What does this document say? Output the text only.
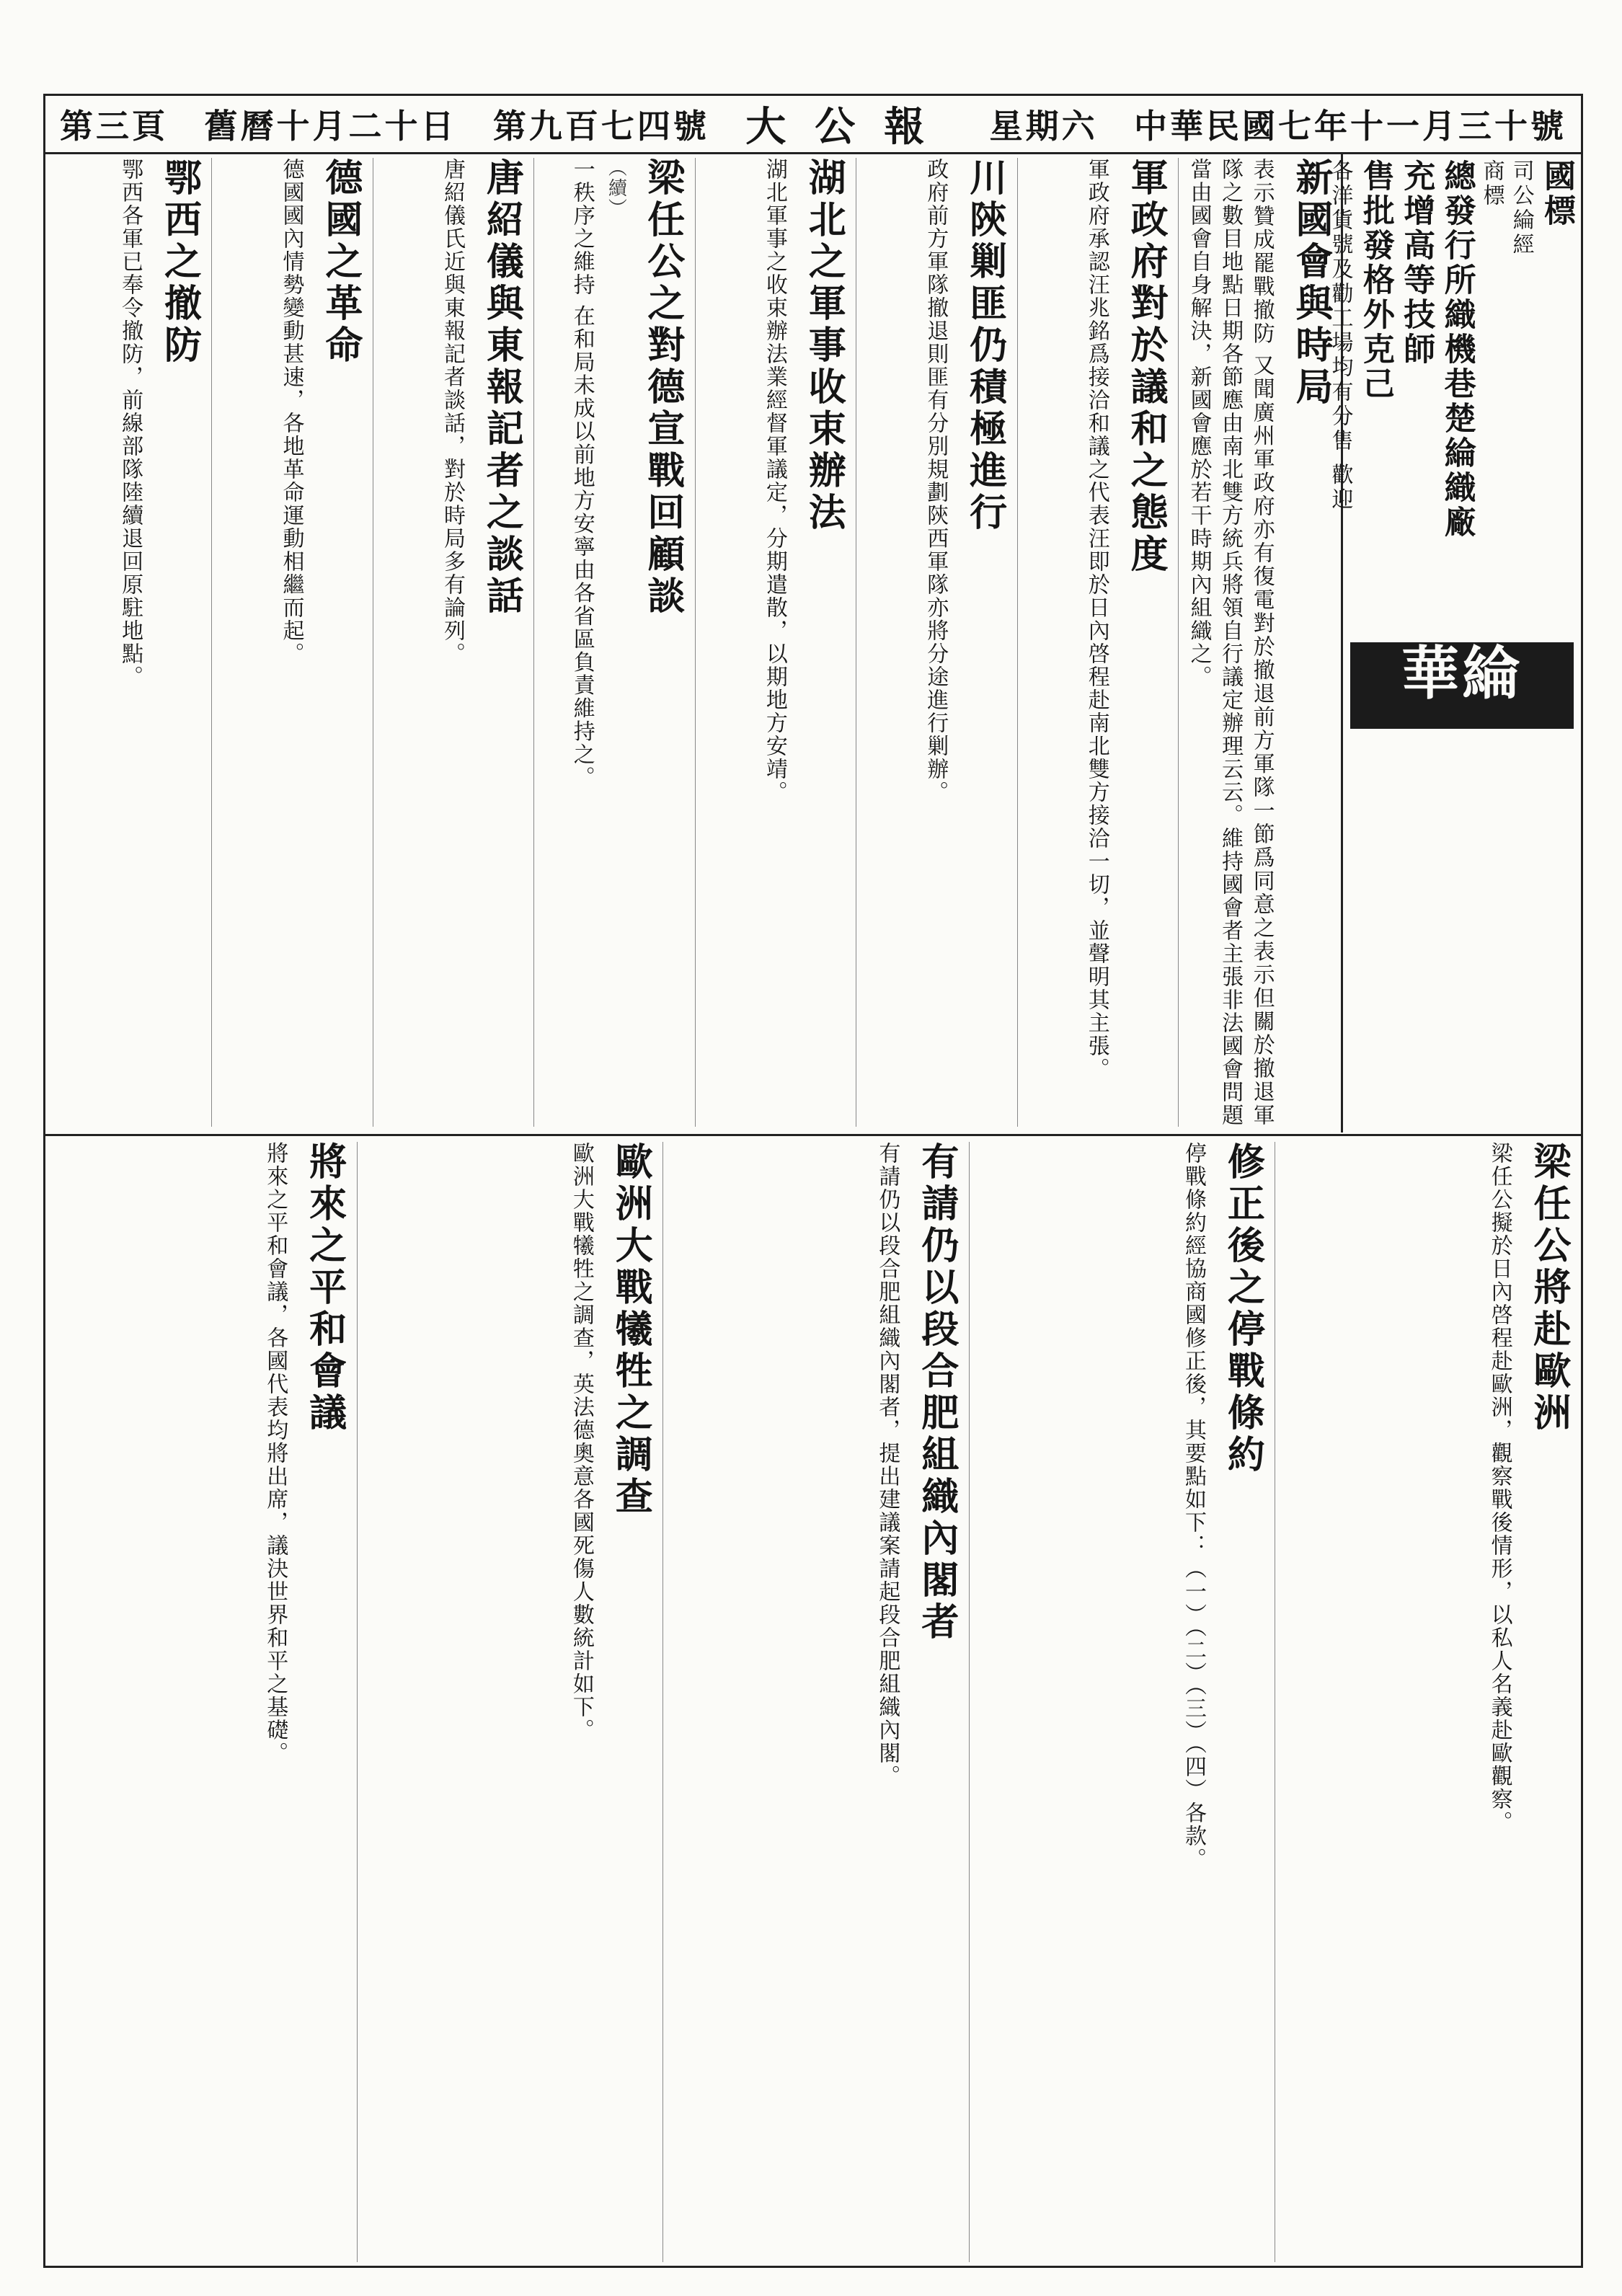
中華民國七年十一月三十號
星期六
大公報
第九百七四號
舊曆十月二十日
第三頁
國標
司公綸經
商標
總發行所織機巷楚綸織廠
充增高等技師
售批發格外克己
各洋貨號及勸工場均有分售 歡迎
華綸
新國會與時局
表示贊成罷戰撤防 又聞廣州軍政府亦有復電對於撤退前方軍隊一節爲同意之表示但關於撤退軍隊之數目地點日期各節應由南北雙方統兵將領自行議定辦理云云。維持國會者主張非法國會問題當由國會自身解決，新國會應於若干時期內組織之。
軍政府對於議和之態度
軍政府承認汪兆銘爲接洽和議之代表汪即於日內啓程赴南北雙方接洽一切，並聲明其主張。
川陝剿匪仍積極進行
政府前方軍隊撤退則匪有分別規劃陝西軍隊亦將分途進行剿辦。
湖北之軍事收束辦法
湖北軍事之收束辦法業經督軍議定，分期遣散，以期地方安靖。
梁任公之對德宣戰回顧談
（續）
一秩序之維持 在和局未成以前地方安寧由各省區負責維持之。
唐紹儀與東報記者之談話
唐紹儀氏近與東報記者談話，對於時局多有論列。
德國之革命
德國國內情勢變動甚速，各地革命運動相繼而起。
鄂西之撤防
鄂西各軍已奉令撤防，前線部隊陸續退回原駐地點。
梁任公將赴歐洲
梁任公擬於日內啓程赴歐洲，觀察戰後情形，以私人名義赴歐觀察。
修正後之停戰條約
停戰條約經協商國修正後，其要點如下：（一）（二）（三）（四）各款。
有請仍以段合肥組織內閣者
有請仍以段合肥組織內閣者，提出建議案請起段合肥組織內閣。
歐洲大戰犧牲之調查
歐洲大戰犧牲之調查，英法德奧意各國死傷人數統計如下。
將來之平和會議
將來之平和會議，各國代表均將出席，議決世界和平之基礎。
